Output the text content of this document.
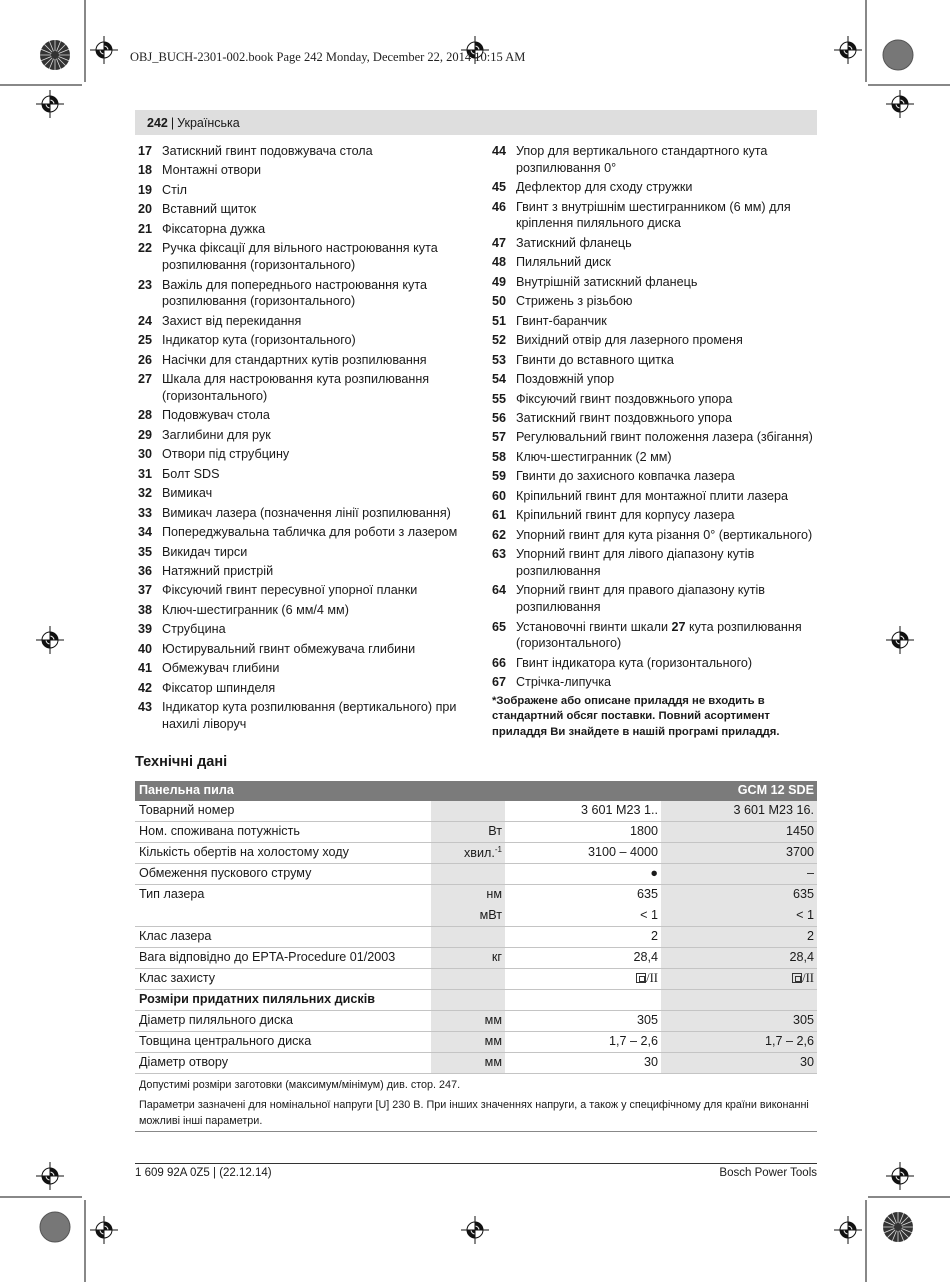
OBJ_BUCH-2301-002.book Page 242 Monday, December 22, 2014 10:15 AM
242 | Українська
17 Затискний гвинт подовжувача стола
18 Монтажні отвори
19 Стіл
20 Вставний щиток
21 Фіксаторна дужка
22 Ручка фіксації для вільного настроювання кута розпилювання (горизонтального)
23 Важіль для попереднього настроювання кута розпилювання (горизонтального)
24 Захист від перекидання
25 Індикатор кута (горизонтального)
26 Насічки для стандартних кутів розпилювання
27 Шкала для настроювання кута розпилювання (горизонтального)
28 Подовжувач стола
29 Заглибини для рук
30 Отвори під струбцину
31 Болт SDS
32 Вимикач
33 Вимикач лазера (позначення лінії розпилювання)
34 Попереджувальна табличка для роботи з лазером
35 Викидач тирси
36 Натяжний пристрій
37 Фіксуючий гвинт пересувної упорної планки
38 Ключ-шестигранник (6 мм/4 мм)
39 Струбцина
40 Юстирувальний гвинт обмежувача глибини
41 Обмежувач глибини
42 Фіксатор шпинделя
43 Індикатор кута розпилювання (вертикального) при нахилі ліворуч
44 Упор для вертикального стандартного кута розпилювання 0°
45 Дефлектор для сходу стружки
46 Гвинт з внутрішнім шестигранником (6 мм) для кріплення пиляльного диска
47 Затискний фланець
48 Пиляльний диск
49 Внутрішній затискний фланець
50 Стрижень з різьбою
51 Гвинт-баранчик
52 Вихідний отвір для лазерного променя
53 Гвинти до вставного щитка
54 Поздовжній упор
55 Фіксуючий гвинт поздовжнього упора
56 Затискний гвинт поздовжнього упора
57 Регулювальний гвинт положення лазера (збігання)
58 Ключ-шестигранник (2 мм)
59 Гвинти до захисного ковпачка лазера
60 Кріпильний гвинт для монтажної плити лазера
61 Кріпильний гвинт для корпусу лазера
62 Упорний гвинт для кута різання 0° (вертикального)
63 Упорний гвинт для лівого діапазону кутів розпилювання
64 Упорний гвинт для правого діапазону кутів розпилювання
65 Установочні гвинти шкали 27 кута розпилювання (горизонтального)
66 Гвинт індикатора кута (горизонтального)
67 Стрічка-липучка
*Зображене або описане приладдя не входить в стандартний обсяг поставки. Повний асортимент приладдя Ви знайдете в нашій програмі приладдя.
Технічні дані
Панельна пила	GCM 12 SDE
Товарний номер	3 601 M23 1..	3 601 M23 16.
Ном. споживана потужність	Вт	1800	1450
Кількість обертів на холостому ходу	хвил.$^{-1}$	3100 – 4000	3700
Обмеження пускового струму	●	–
Тип лазера	нм	635	635
мВт	< 1	< 1
Клас лазера	2	2
Вага відповідно до EPTA-Procedure 01/2003	кг	28,4	28,4
Клас захисту	/II	/II
Розміри придатних пиляльних дисків
Діаметр пиляльного диска	мм	305	305
Товщина центрального диска	мм	1,7 – 2,6	1,7 – 2,6
Діаметр отвору	мм	30	30
Допустимі розміри заготовки (максимум/мінімум) див. стор. 247.
Параметри зазначені для номінальної напруги [U] 230 В. При інших значеннях напруги, а також у специфічному для країни виконанні можливі інші параметри.
1 609 92A 0Z5 | (22.12.14)	Bosch Power Tools
